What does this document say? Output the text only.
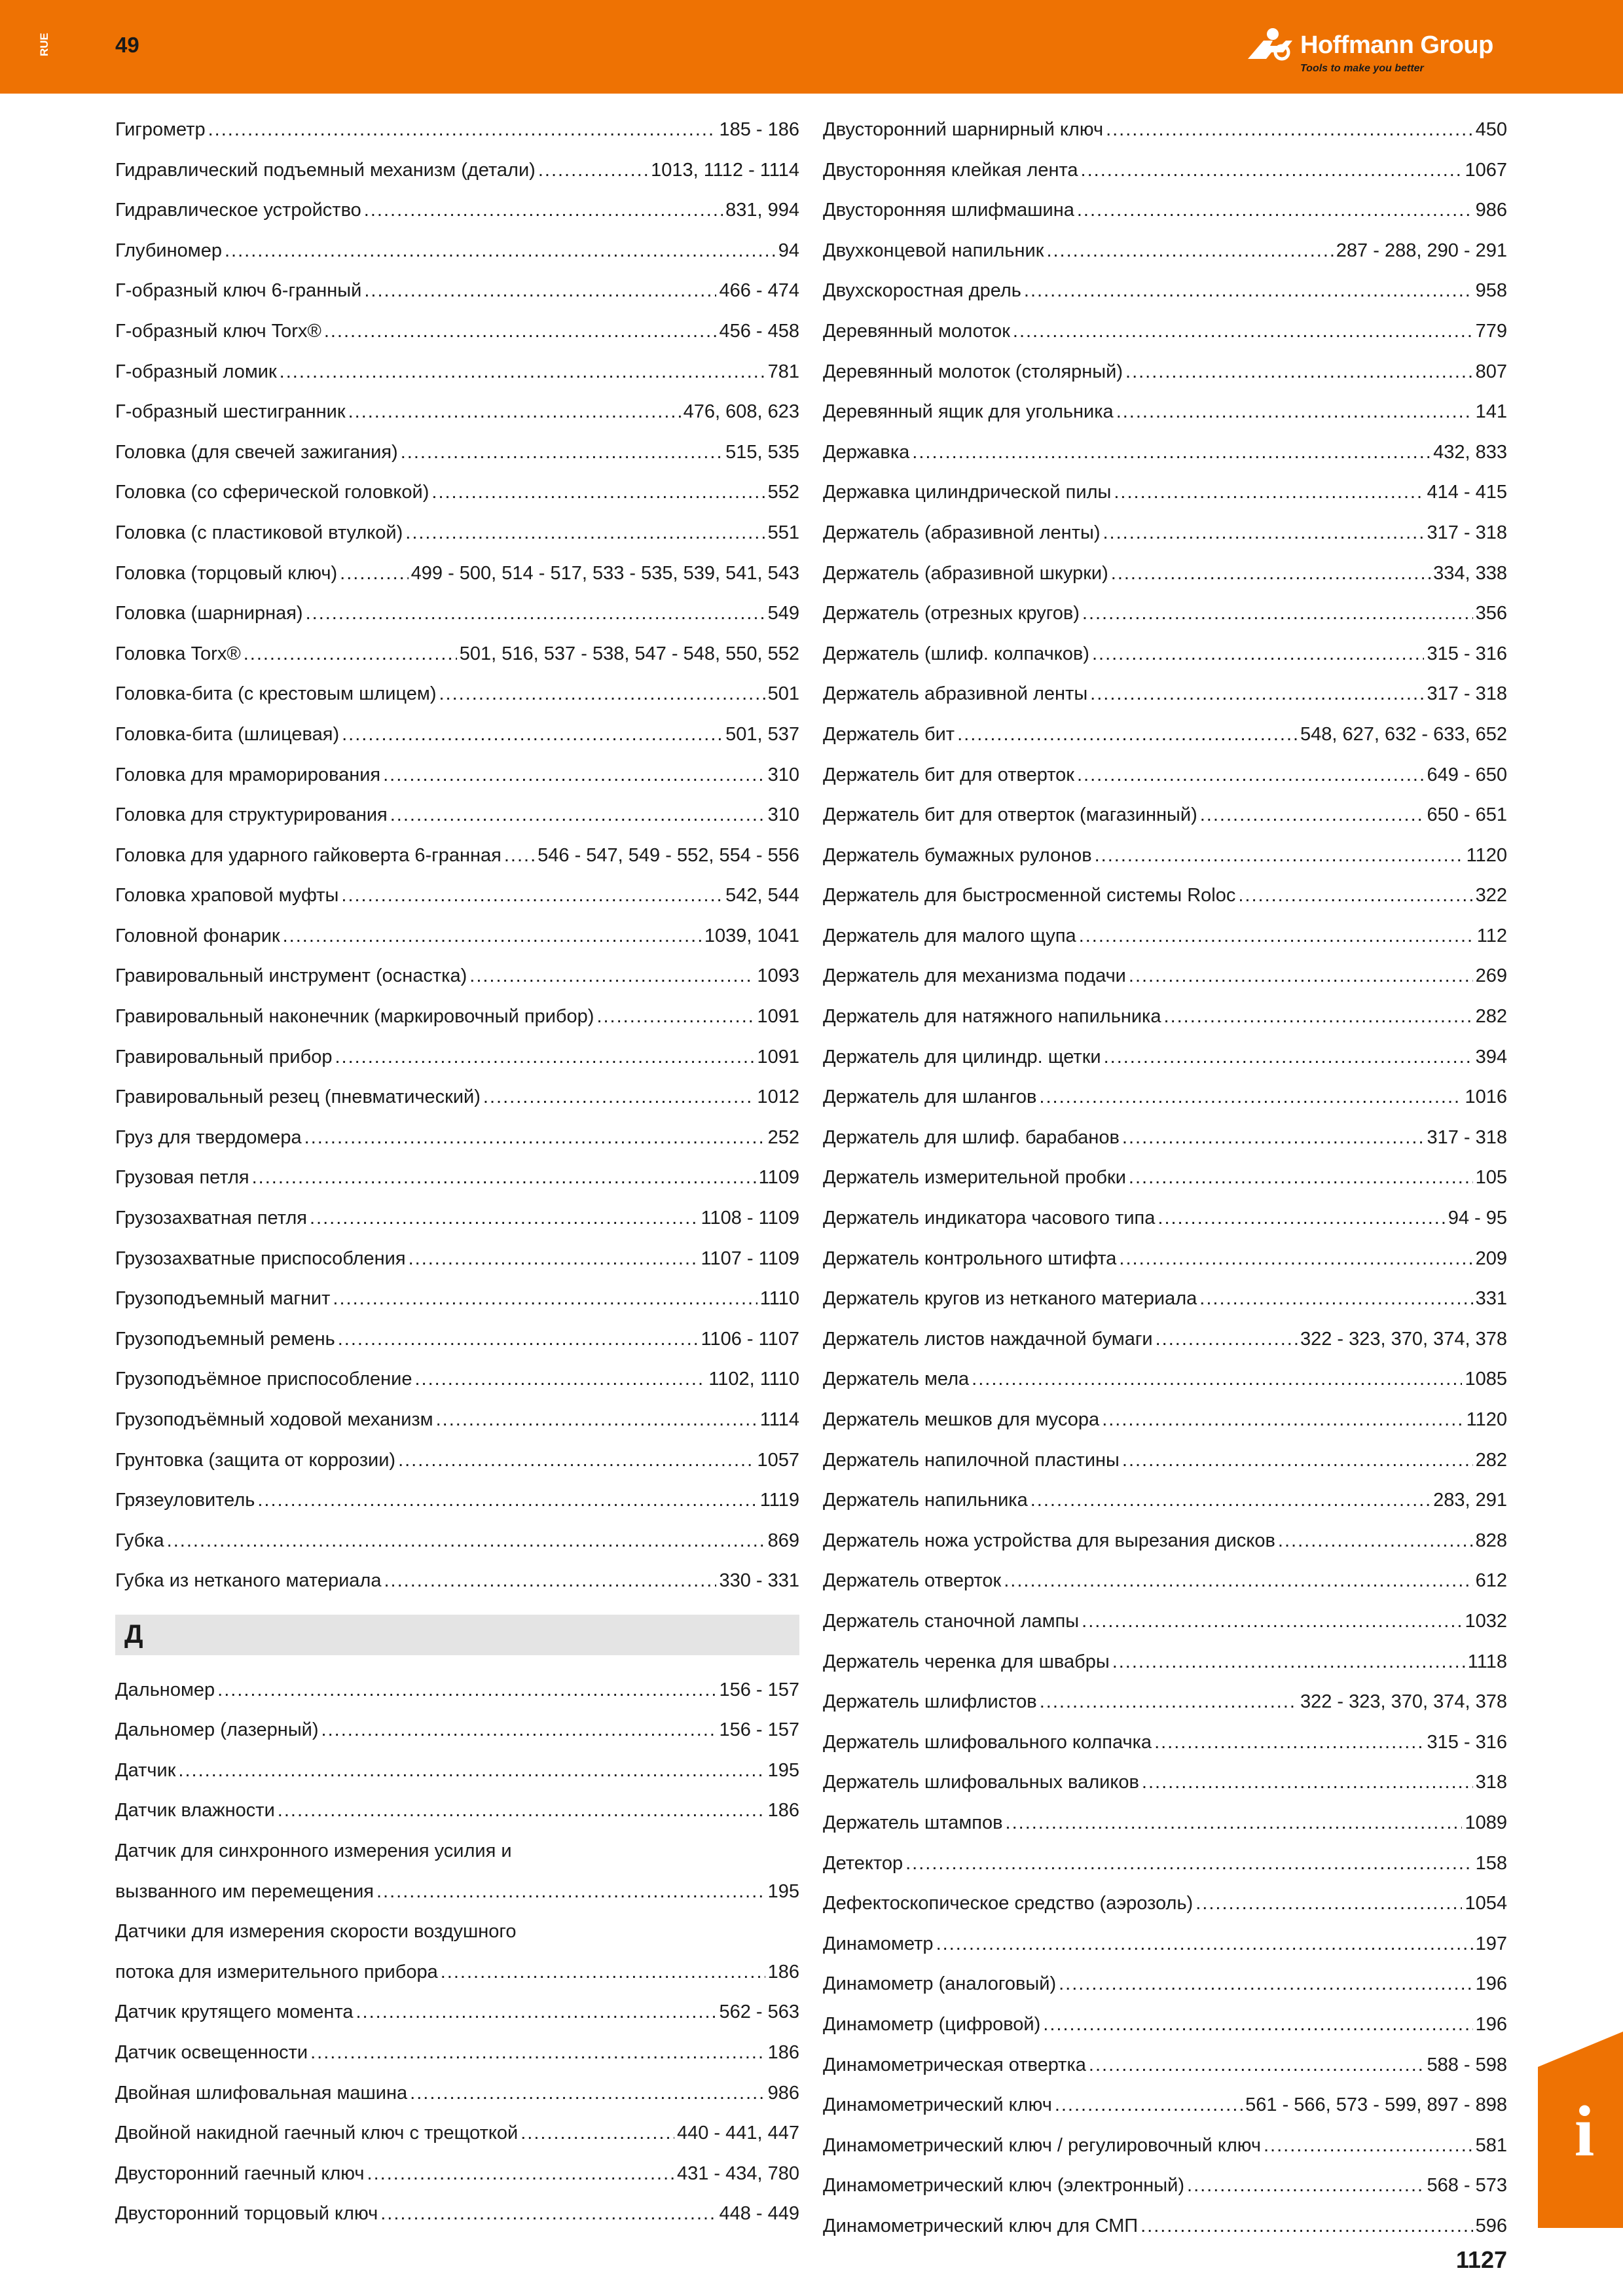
RUE	49	Hoffmann Group
Tools to make you better
Гигрометр .....	185 - 186
Гидравлический подъемный механизм (детали) .....	1013, 1112 - 1114
Гидравлическое устройство .....	831, 994
Глубиномер .....	94
Г-образный ключ 6-гранный .....	466 - 474
Г-образный ключ Torx® .....	456 - 458
Г-образный ломик .....	781
Г-образный шестигранник .....	476, 608, 623
Головка (для свечей зажигания) .....	515, 535
Головка (со сферической головкой) .....	552
Головка (с пластиковой втулкой) .....	551
Головка (торцовый ключ) .....	499 - 500, 514 - 517, 533 - 535, 539, 541, 543
Головка (шарнирная) .....	549
Головка Torx® .....	501, 516, 537 - 538, 547 - 548, 550, 552
Головка-бита (с крестовым шлицем) .....	501
Головка-бита (шлицевая) .....	501, 537
Головка для мраморирования .....	310
Головка для структурирования .....	310
Головка для ударного гайковерта 6-гранная ..... 546 - 547, 549 - 552, 554 - 556
Головка храповой муфты .....	542, 544
Головной фонарик .....	1039, 1041
Гравировальный инструмент (оснастка) .....	1093
Гравировальный наконечник (маркировочный прибор) .....	1091
Гравировальный прибор .....	1091
Гравировальный резец (пневматический) .....	1012
Груз для твердомера .....	252
Грузовая петля .....	1109
Грузозахватная петля .....	1108 - 1109
Грузозахватные приспособления .....	1107 - 1109
Грузоподъемный магнит .....	1110
Грузоподъемный ремень .....	1106 - 1107
Грузоподъёмное приспособление .....	1102, 1110
Грузоподъёмный ходовой механизм .....	1114
Грунтовка (защита от коррозии) .....	1057
Грязеуловитель .....	1119
Губка .....	869
Губка из нетканого материала .....	330 - 331
Д
Дальномер .....	156 - 157
Дальномер (лазерный) .....	156 - 157
Датчик .....	195
Датчик влажности .....	186
Датчик для синхронного измерения усилия и
вызванного им перемещения .....	195
Датчики для измерения скорости воздушного
потока для измерительного прибора .....	186
Датчик крутящего момента .....	562 - 563
Датчик освещенности .....	186
Двойная шлифовальная машина .....	986
Двойной накидной гаечный ключ с трещоткой .....	440 - 441, 447
Двусторонний гаечный ключ .....	431 - 434, 780
Двусторонний торцовый ключ .....	448 - 449
Двусторонний шарнирный ключ .....	450
Двусторонняя клейкая лента .....	1067
Двусторонняя шлифмашина .....	986
Двухконцевой напильник .....	287 - 288, 290 - 291
Двухскоростная дрель .....	958
Деревянный молоток .....	779
Деревянный молоток (столярный) .....	807
Деревянный ящик для угольника .....	141
Державка .....	432, 833
Державка цилиндрической пилы .....	414 - 415
Держатель (абразивной ленты) .....	317 - 318
Держатель (абразивной шкурки) .....	334, 338
Держатель (отрезных кругов) .....	356
Держатель (шлиф. колпачков) .....	315 - 316
Держатель абразивной ленты .....	317 - 318
Держатель бит .....	548, 627, 632 - 633, 652
Держатель бит для отверток .....	649 - 650
Держатель бит для отверток (магазинный) .....	650 - 651
Держатель бумажных рулонов .....	1120
Держатель для быстросменной системы Roloc .....	322
Держатель для малого щупа .....	112
Держатель для механизма подачи .....	269
Держатель для натяжного напильника .....	282
Держатель для цилиндр. щетки .....	394
Держатель для шлангов .....	1016
Держатель для шлиф. барабанов .....	317 - 318
Держатель измерительной пробки .....	105
Держатель индикатора часового типа .....	94 - 95
Держатель контрольного штифта .....	209
Держатель кругов из нетканого материала .....	331
Держатель листов наждачной бумаги .....	322 - 323, 370, 374, 378
Держатель мела .....	1085
Держатель мешков для мусора .....	1120
Держатель напилочной пластины .....	282
Держатель напильника .....	283, 291
Держатель ножа устройства для вырезания дисков .....	828
Держатель отверток .....	612
Держатель станочной лампы .....	1032
Держатель черенка для швабры .....	1118
Держатель шлифлистов .....	322 - 323, 370, 374, 378
Держатель шлифовального колпачка .....	315 - 316
Держатель шлифовальных валиков .....	318
Держатель штампов .....	1089
Детектор .....	158
Дефектоскопическое средство (аэрозоль) .....	1054
Динамометр .....	197
Динамометр (аналоговый) .....	196
Динамометр (цифровой) .....	196
Динамометрическая отвертка .....	588 - 598
Динамометрический ключ .....	561 - 566, 573 - 599, 897 - 898
Динамометрический ключ / регулировочный ключ .....	581
Динамометрический ключ (электронный) .....	568 - 573
Динамометрический ключ для СМП .....	596
i
1127
